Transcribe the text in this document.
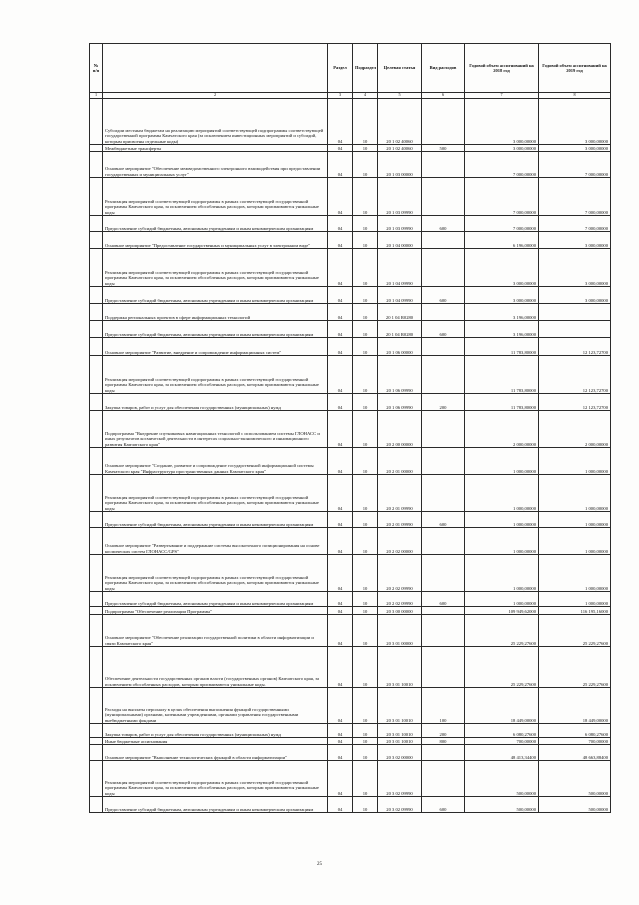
№ п/п		Раздел	Подраздел	Целевая статья	Вид расходов	Годовой объем ассигнований на 2018 год	Годовой объем ассигнований на 2019 год
1	2	3	4	5	6	7	8
	Субсидии местным бюджетам на реализацию мероприятий соответствующей подпрограммы соответствующей государственной программы Камчатского края (за исключением инвестиционных мероприятий и субсидий, которым присвоены отдельные коды)	04	10	20 1 02 40060		3 000,00000	3 000,00000
	Межбюджетные трансферты	04	10	20 1 02 40060	500	3 000,00000	3 000,00000
	Основное мероприятие "Обеспечение межведомственного электронного взаимодействия при предоставлении государственных и муниципальных услуг"	04	10	20 1 03 00000		7 000,00000	7 000,00000
	Реализация мероприятий соответствующей подпрограммы в рамках соответствующей государственной программы Камчатского края, за исключением обособленных расходов, которым присваиваются уникальные коды	04	10	20 1 03 09990		7 000,00000	7 000,00000
	Предоставление субсидий бюджетным, автономным учреждениям и иным некоммерческим организациям	04	10	20 1 03 09990	600	7 000,00000	7 000,00000
	Основное мероприятие "Предоставление государственных и муниципальных услуг в электронном виде"	04	10	20 1 04 00000		6 196,00000	3 000,00000
	Реализация мероприятий соответствующей подпрограммы в рамках соответствующей государственной программы Камчатского края, за исключением обособленных расходов, которым присваиваются уникальные коды	04	10	20 1 04 09990		3 000,00000	3 000,00000
	Предоставление субсидий бюджетным, автономным учреждениям и иным некоммерческим организациям	04	10	20 1 04 09990	600	3 000,00000	3 000,00000
	Поддержка региональных проектов в сфере информационных технологий	04	10	20 1 04 R0280		3 196,00000	
	Предоставление субсидий бюджетным, автономным учреждениям и иным некоммерческим организациям	04	10	20 1 04 R0280	600	3 196,00000	
	Основное мероприятие "Развитие, внедрение и сопровождение информационных систем"	04	10	20 1 06 00000		11 783,80000	12 123,72700
	Реализация мероприятий соответствующей подпрограммы в рамках соответствующей государственной программы Камчатского края, за исключением обособленных расходов, которым присваиваются уникальные коды	04	10	20 1 06 09990		11 783,80000	12 123,72700
	Закупка товаров, работ и услуг для обеспечения государственных (муниципальных) нужд	04	10	20 1 06 09990	200	11 783,80000	12 123,72700
	Подпрограмма "Внедрение спутниковых навигационных технологий с использованием системы ГЛОНАСС и иных результатов космической деятельности в интересах социально-экономического и инновационного развития Камчатского края"	04	10	20 2 00 00000		2 000,00000	2 000,00000
	Основное мероприятие "Создание, развитие и сопровождение государственной информационной системы Камчатского края "Инфраструктура пространственных данных Камчатского края"	04	10	20 2 01 00000		1 000,00000	1 000,00000
	Реализация мероприятий соответствующей подпрограммы в рамках соответствующей государственной программы Камчатского края, за исключением обособленных расходов, которым присваиваются уникальные коды	04	10	20 2 01 09990		1 000,00000	1 000,00000
	Предоставление субсидий бюджетным, автономным учреждениям и иным некоммерческим организациям	04	10	20 2 01 09990	600	1 000,00000	1 000,00000
	Основное мероприятие "Развертывание и поддержание системы высокоточного позиционирования на основе космических систем ГЛОНАСС/GPS"	04	10	20 2 02 00000		1 000,00000	1 000,00000
	Реализация мероприятий соответствующей подпрограммы в рамках соответствующей государственной программы Камчатского края, за исключением обособленных расходов, которым присваиваются уникальные коды	04	10	20 2 02 09990		1 000,00000	1 000,00000
	Предоставление субсидий бюджетным, автономным учреждениям и иным некоммерческим организациям	04	10	20 2 02 09990	600	1 000,00000	1 000,00000
	Подпрограмма "Обеспечение реализации Программы"	04	10	20 3 00 00000		109 949,62000	116 195,16000
	Основное мероприятие "Обеспечение реализации государственной политики в области информатизации и связи Камчатского края"	04	10	20 3 01 00000		25 229,27600	25 229,27600
	Обеспечение деятельности государственных органов власти (государственных органов) Камчатского края, за исключением обособленных расходов, которым присваиваются уникальные коды.	04	10	20 3 01 10010		25 229,27600	25 229,27600
	Расходы на выплаты персоналу в целях обеспечения выполнения функций государственными (муниципальными) органами, казенными учреждениями, органами управления государственными внебюджетными фондами	04	10	20 3 01 10010	100	18 449,00000	18 449,00000
	Закупка товаров, работ и услуг для обеспечения государственных (муниципальных) нужд	04	10	20 3 01 10010	200	6 080,27600	6 080,27600
	Иные бюджетные ассигнования	04	10	20 3 01 10010	800	700,00000	700,00000
	Основное мероприятие "Выполнение технологических функций в области информатизации"	04	10	20 3 02 00000		48 413,34400	48 663,88400
	Реализация мероприятий соответствующей подпрограммы в рамках соответствующей государственной программы Камчатского края, за исключением обособленных расходов, которым присваиваются уникальные коды	04	10	20 3 02 09990		500,00000	500,00000
	Предоставление субсидий бюджетным, автономным учреждениям и иным некоммерческим организациям	04	10	20 3 02 09990	600	500,00000	500,00000
25
